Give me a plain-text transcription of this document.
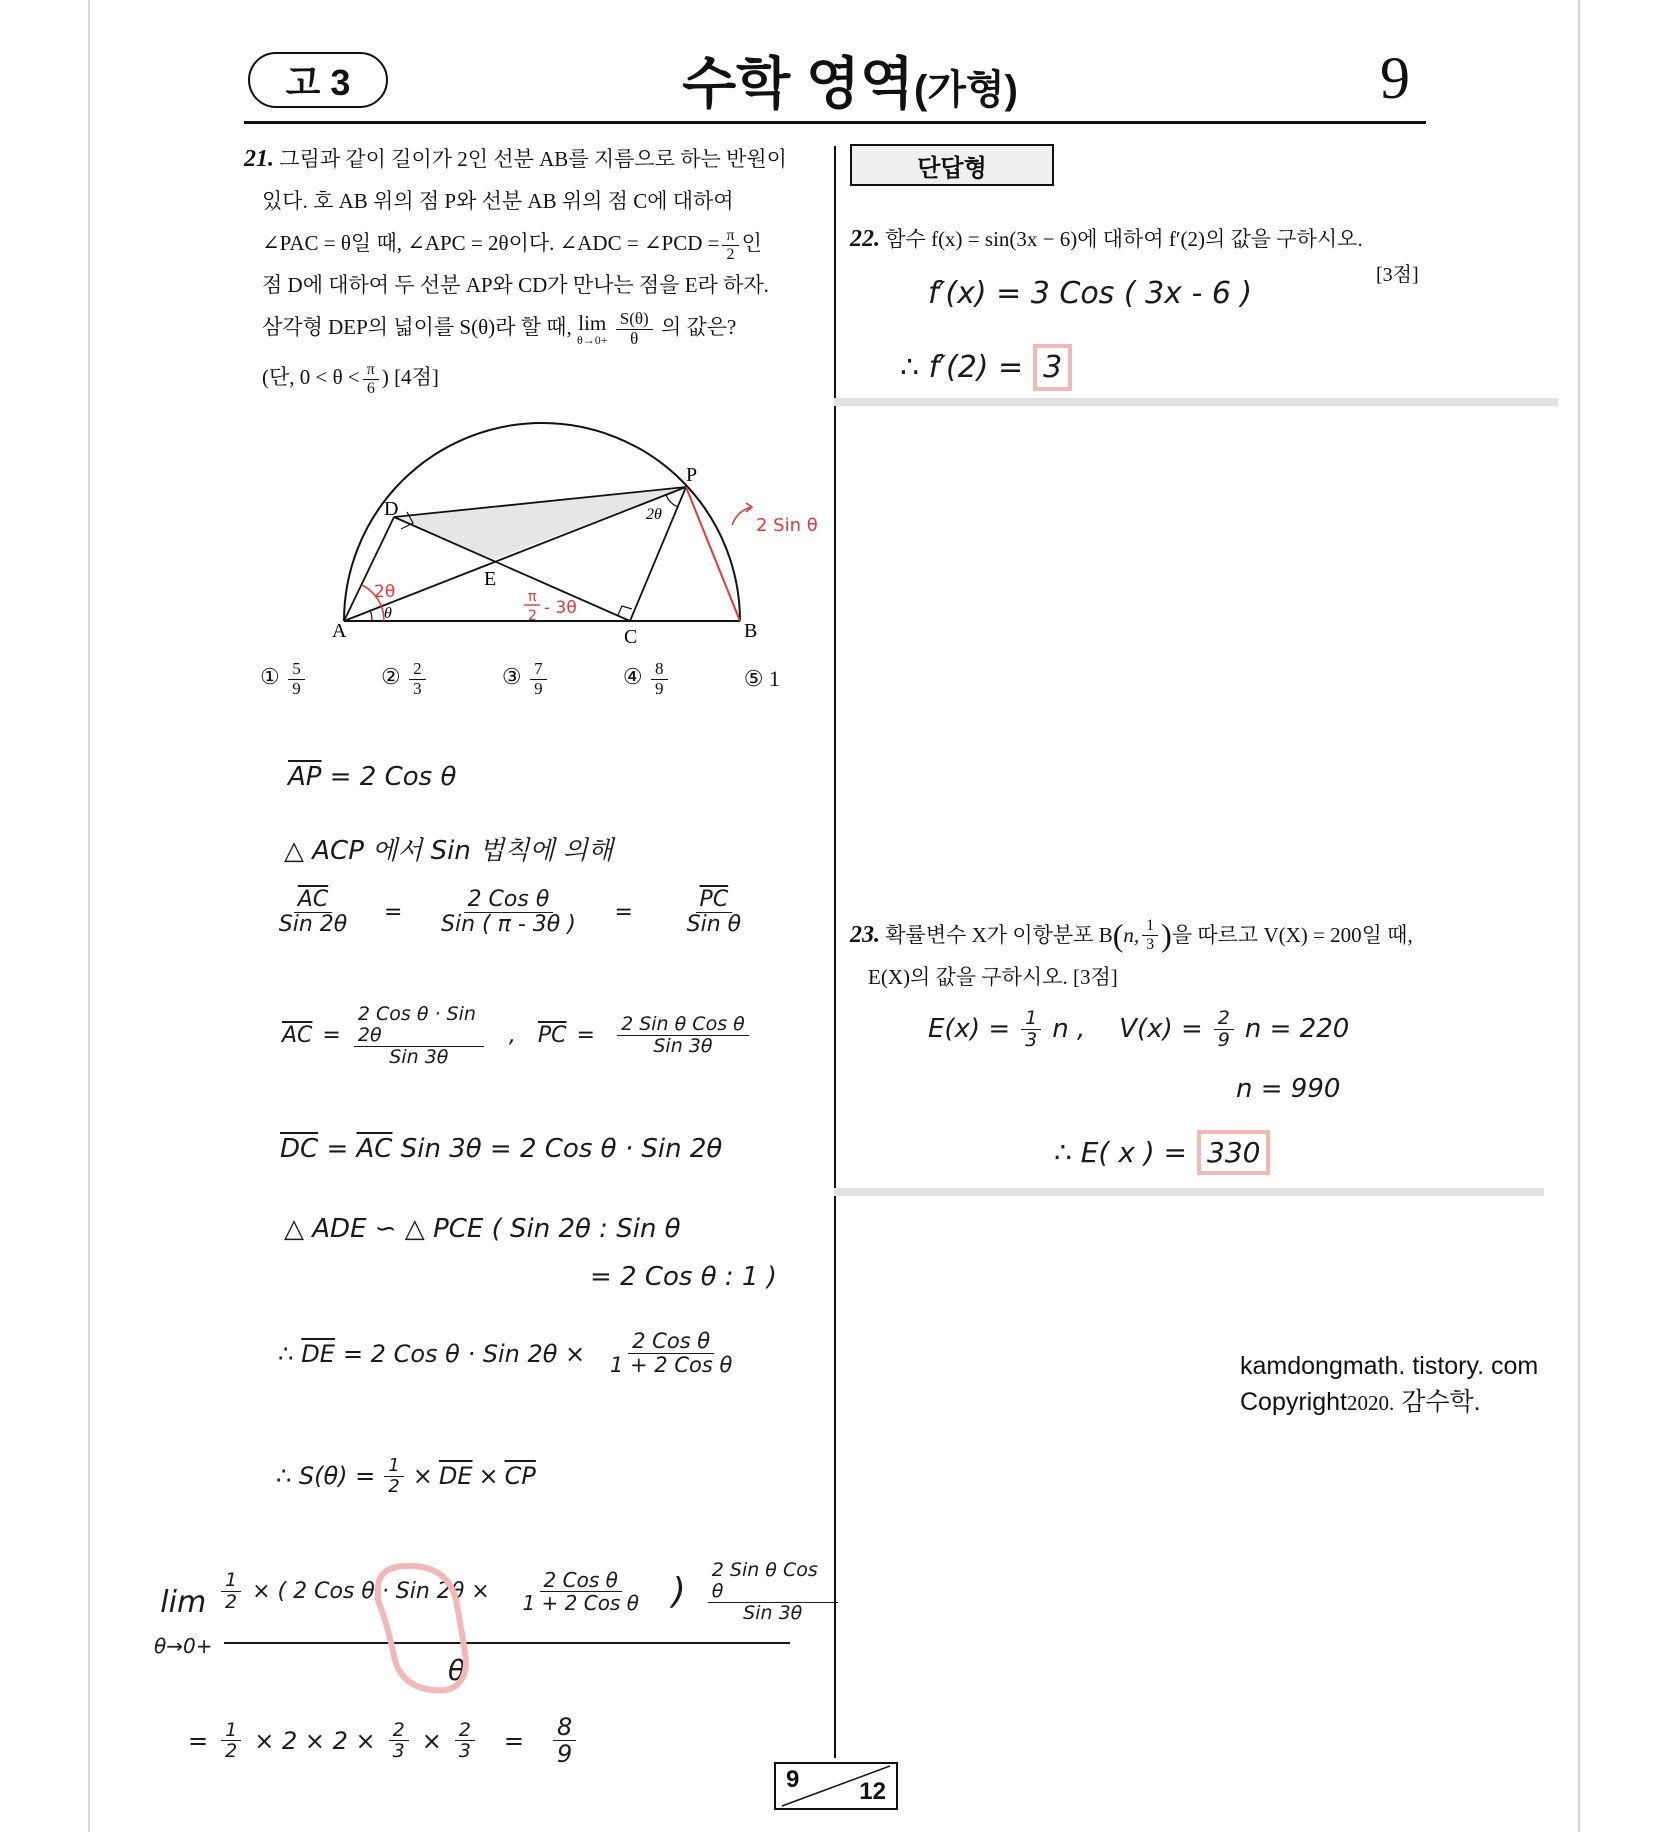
고 3	수학 영역(가형)	9
21. 그림과 같이 길이가 2인 선분 AB를 지름으로 하는 반원이
있다. 호 AB 위의 점 P와 선분 AB 위의 점 C에 대하여
∠PAC = θ일 때, ∠APC = 2θ이다. ∠ADC = ∠PCD = $\frac{\pi}{2}$ 인
점 D에 대하여 두 선분 AP와 CD가 만나는 점을 E라 하자.
삼각형 DEP의 넓이를 S(θ)라 할 때, lim
θ→0+
$\frac{S(\theta)}{\theta}$ 의 값은?
(단, $0 < \theta < \frac{\pi}{6}$ ) [4점]
A	B
C
D
E
P
θ
2θ
2θ	π
2 - 3θ
2 Sin θ
① $\frac{5}{9}$	② $\frac{2}{3}$	③ $\frac{7}{9}$	④ $\frac{8}{9}$	⑤ 1
$\overline{AP} = 2$ Cos θ
△ ACP 에서 Sin 법칙에 의해
$\frac{\overline{AC}}{\text{Sin 2θ}} = \frac{\text{2 Cos θ}}{\text{Sin ( π - 3θ )}} = \frac{\overline{PC}}{\text{Sin θ}}$
$\overline{AC} = \frac{\text{2 Cos θ · Sin 2θ}}{\text{Sin 3θ}}$ , $\overline{PC} = \frac{\text{2 Sin θ Cos θ}}{\text{Sin 3θ}}$
$\overline{DC} = \overline{AC}$ Sin 3θ = 2 Cos θ · Sin 2θ
△ ADE ∽ △ PCE ( Sin 2θ : Sin θ
= 2 Cos θ : 1 )
∴ $\overline{DE} = 2$ Cos θ · Sin $2\theta \times \frac{\text{2 Cos θ}}{\text{1 + 2 Cos θ}}$
∴ $S(\theta) = \frac{1}{2} \times \overline{DE} \times \overline{CP}$
lim
θ→0+
$\frac{1}{2}$ × ( 2 Cos θ · Sin $2\theta \times \frac{\text{2 Cos θ}}{\text{1 + 2 Cos θ}}$ ) $\frac{\text{2 Sin θ Cos θ}}{\text{Sin 3θ}}$
θ
= $\frac{1}{2} \times 2 \times 2 \times \frac{2}{3} \times \frac{2}{3} = \frac{8}{9}$
단답형
22. 함수 f(x) = sin(3x − 6)에 대하여 f′(2)의 값을 구하시오.
[3점]
f′(x) = 3 Cos ( 3x - 6 )
∴ f′(2) = 3
23.
확률변수 X가 이항분포 B ( n, $\frac{1}{3}$ ) 을 따르고 V(X) = 200일 때,
E(X)의 값을 구하시오. [3점]
$E(x) = \frac{1}{3}$ n , $V(x) = \frac{2}{9}$ n = 220
n = 990
∴ E( x ) = 330
kamdongmath. tistory. com
Copyright2020. 감수학.
9 12
